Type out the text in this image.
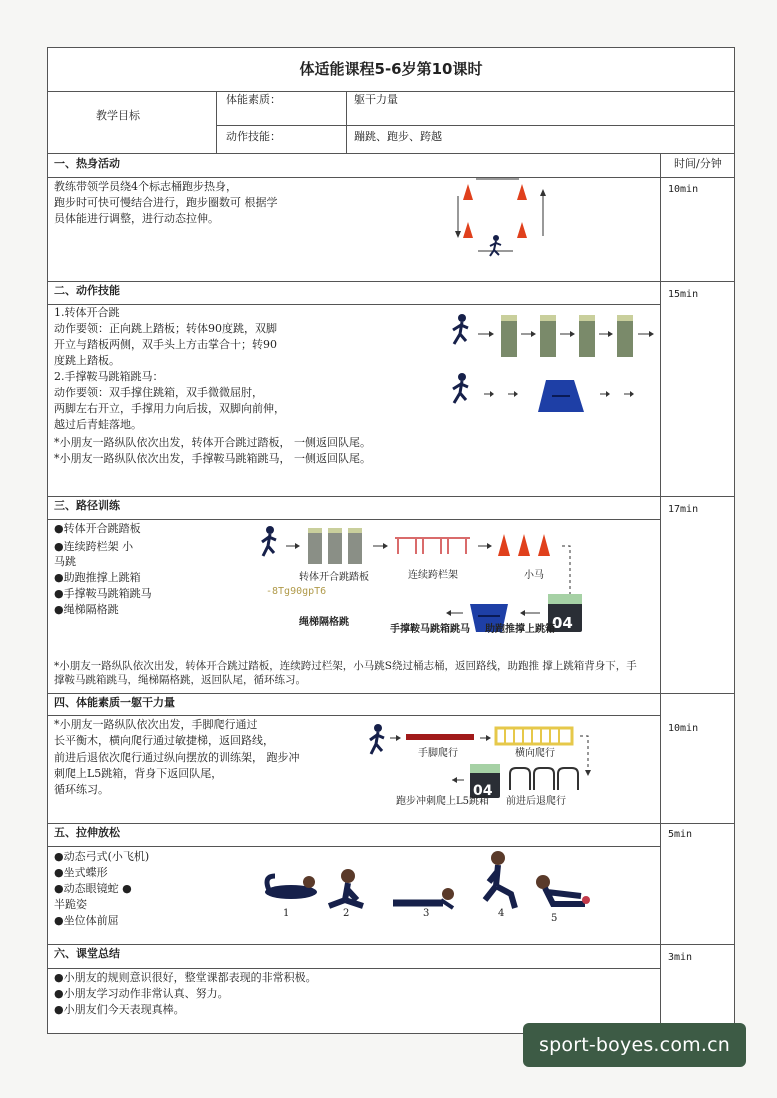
体适能课程5-6岁第10课时
教学目标
体能素质：	躯干力量
动作技能：	蹦跳、跑步、跨越
时间/分钟
一、热身活动
10min
教练带领学员绕4个标志桶跑步热身，
跑步时可快可慢结合进行，跑步圈数可 根据学
员体能进行调整，进行动态拉伸。
二、动作技能	15min
1.转体开合跳
动作要领：正向跳上踏板；转体90度跳，双脚
开立与踏板两侧，双手头上方击掌合十；转90
度跳上踏板。
2.手撑鞍马跳箱跳马：
动作要领：双手撑住跳箱，双手微微屈肘，
两脚左右开立，手撑用力向后拔，双脚向前伸，
越过后青蛙落地。
*小朋友一路纵队依次出发，转体开合跳过踏板， 一侧返回队尾。
*小朋友一路纵队依次出发，手撑鞍马跳箱跳马， 一侧返回队尾。
三、路径训练	17min
●转体开合跳踏板
●连续跨栏架 小
马跳
●助跑推撑上跳箱
●手撑鞍马跳箱跳马
●绳梯隔格跳
04
转体开合跳踏板	连续跨栏架	小马
-8Tg90gpT6
绳梯隔格跳
手撑鞍马跳箱跳马 助跑推撑上跳箱
*小朋友一路纵队依次出发，转体开合跳过踏板，连续跨过栏架，小马跳S绕过桶志桶，返回路线，助跑推 撑上跳箱背身下，手
撑鞍马跳箱跳马，绳梯隔格跳，返回队尾，循环练习。
四、体能素质一躯干力量
10min
*小朋友一路纵队依次出发，手脚爬行通过
长平衡木，横向爬行通过敏捷梯，返回路线，
前进后退依次爬行通过纵向摆放的训练架， 跑步冲
刺爬上L5跳箱，背身下返回队尾，
循环练习。	04
手脚爬行	横向爬行
跑步冲刺爬上L5跳箱 前进后退爬行
五、拉伸放松	5min
●动态弓式(小飞机)
●坐式蝶形
●动态眼镜蛇 ●
半跪姿
●坐位体前屈
1	2	3	4	5
六、课堂总结	3min
●小朋友的规则意识很好，整堂课都表现的非常积极。
●小朋友学习动作非常认真、努力。
●小朋友们今天表现真棒。
sport-boyes.com.cn
